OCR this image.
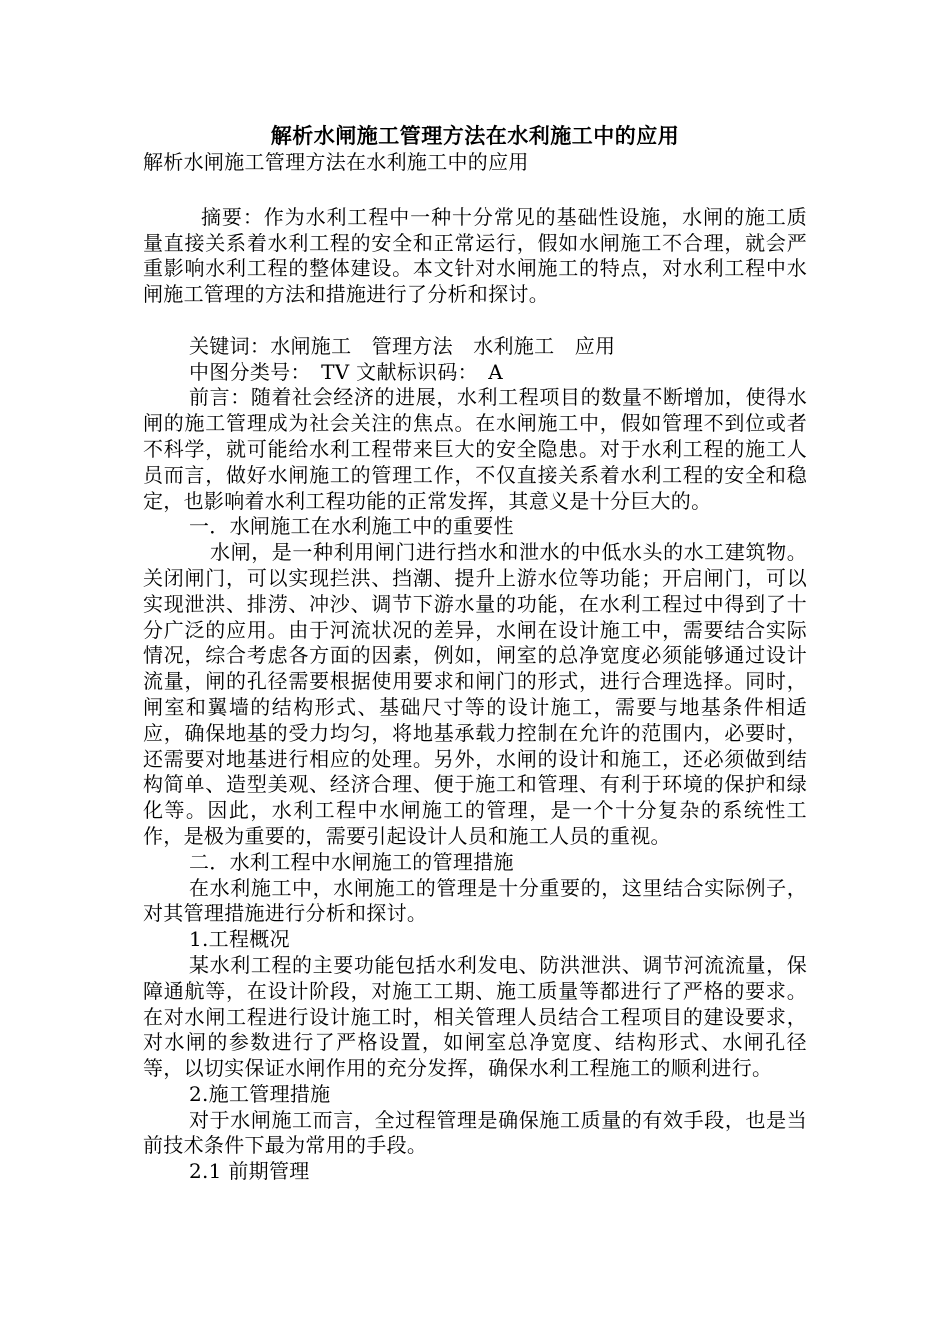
解析水闸施工管理方法在水利施工中的应用

解析水闸施工管理方法在水利施工中的应用

摘要：作为水利工程中一种十分常见的基础性设施，水闸的施工质量直接关系着水利工程的安全和正常运行，假如水闸施工不合理，就会严重影响水利工程的整体建设。本文针对水闸施工的特点，对水利工程中水闸施工管理的方法和措施进行了分析和探讨。

关键词：水闸施工　管理方法　水利施工　应用

中图分类号：　TV 文献标识码：　A

前言：随着社会经济的进展，水利工程项目的数量不断增加，使得水闸的施工管理成为社会关注的焦点。在水闸施工中，假如管理不到位或者不科学，就可能给水利工程带来巨大的安全隐患。对于水利工程的施工人员而言，做好水闸施工的管理工作，不仅直接关系着水利工程的安全和稳定，也影响着水利工程功能的正常发挥，其意义是十分巨大的。

一．水闸施工在水利施工中的重要性

水闸，是一种利用闸门进行挡水和泄水的中低水头的水工建筑物。关闭闸门，可以实现拦洪、挡潮、提升上游水位等功能；开启闸门，可以实现泄洪、排涝、冲沙、调节下游水量的功能，在水利工程过中得到了十分广泛的应用。由于河流状况的差异，水闸在设计施工中，需要结合实际情况，综合考虑各方面的因素，例如，闸室的总净宽度必须能够通过设计流量，闸的孔径需要根据使用要求和闸门的形式，进行合理选择。同时，闸室和翼墙的结构形式、基础尺寸等的设计施工，需要与地基条件相适应，确保地基的受力均匀，将地基承载力控制在允许的范围内，必要时，还需要对地基进行相应的处理。另外，水闸的设计和施工，还必须做到结构简单、造型美观、经济合理、便于施工和管理、有利于环境的保护和绿化等。因此，水利工程中水闸施工的管理，是一个十分复杂的系统性工作，是极为重要的，需要引起设计人员和施工人员的重视。

二．水利工程中水闸施工的管理措施

在水利施工中，水闸施工的管理是十分重要的，这里结合实际例子，对其管理措施进行分析和探讨。

1.工程概况

某水利工程的主要功能包括水利发电、防洪泄洪、调节河流流量，保障通航等，在设计阶段，对施工工期、施工质量等都进行了严格的要求。在对水闸工程进行设计施工时，相关管理人员结合工程项目的建设要求，对水闸的参数进行了严格设置，如闸室总净宽度、结构形式、水闸孔径等，以切实保证水闸作用的充分发挥，确保水利工程施工的顺利进行。

2.施工管理措施

对于水闸施工而言，全过程管理是确保施工质量的有效手段，也是当前技术条件下最为常用的手段。

2.1 前期管理
